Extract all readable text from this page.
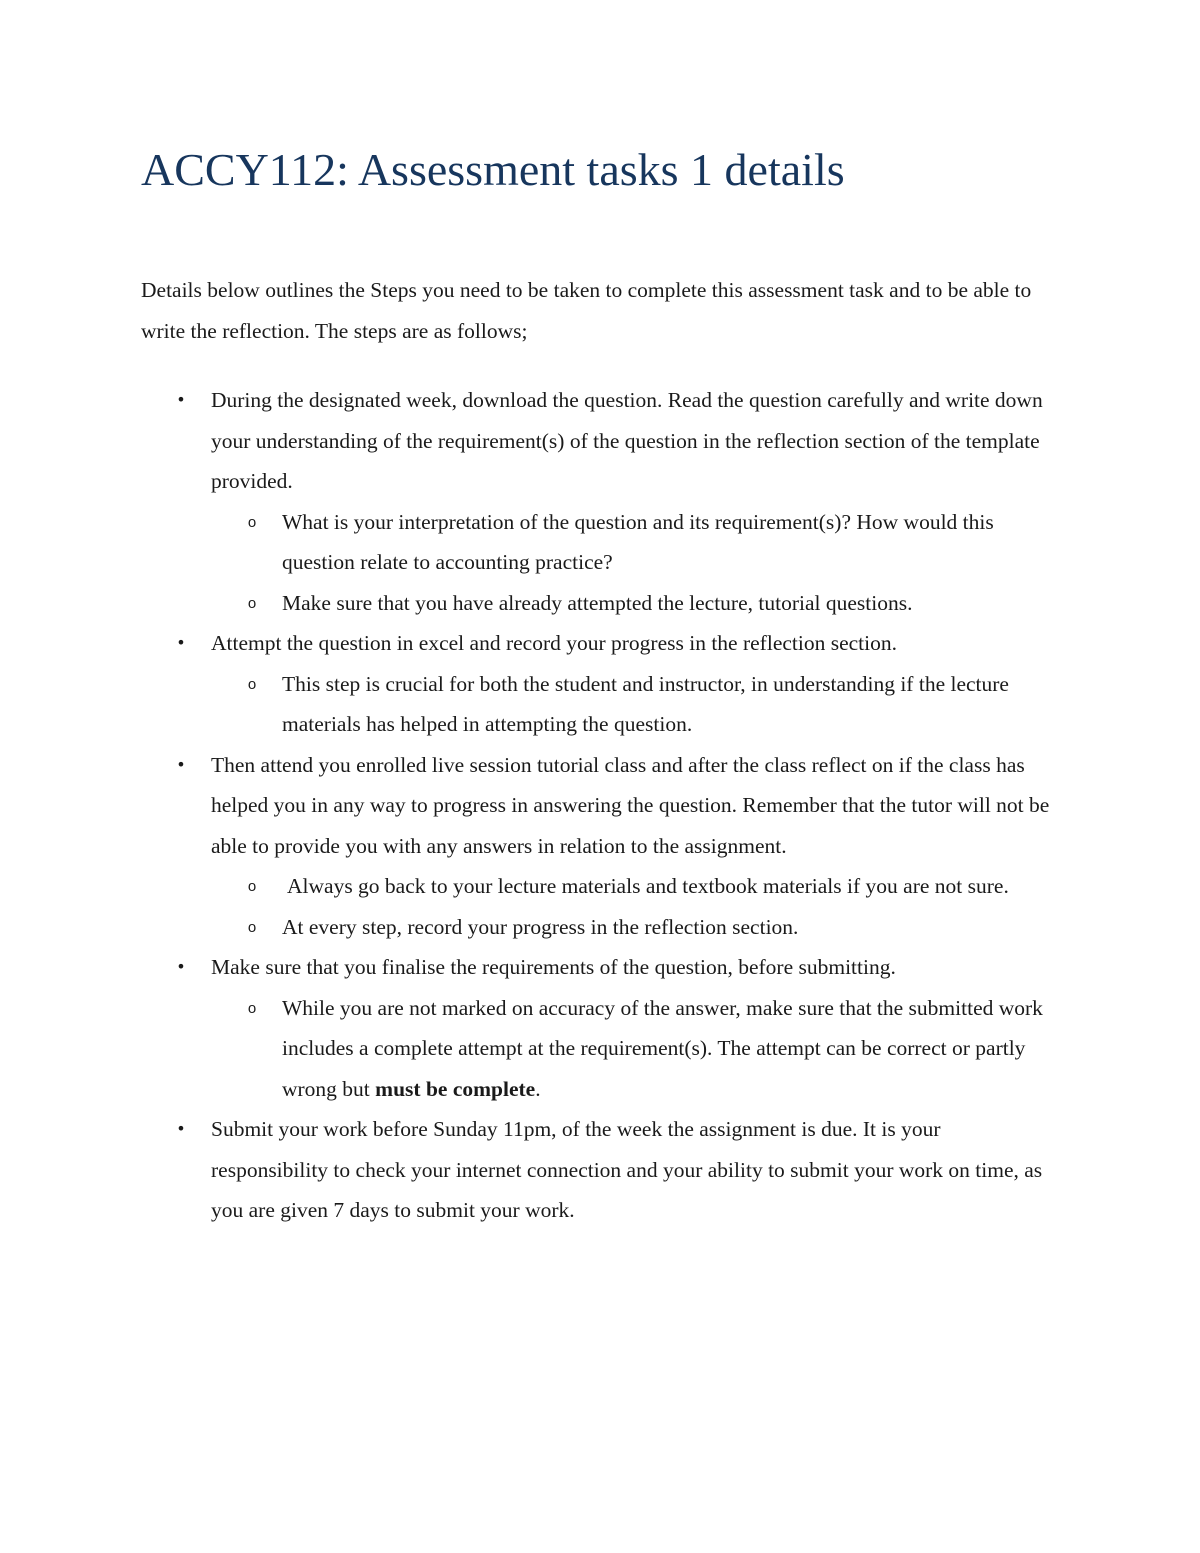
ACCY112: Assessment tasks 1 details

Details below outlines the Steps you need to be taken to complete this assessment task and to be able to write the reflection. The steps are as follows;

• During the designated week, download the question. Read the question carefully and write down your understanding of the requirement(s) of the question in the reflection section of the template provided.
o What is your interpretation of the question and its requirement(s)? How would this question relate to accounting practice?
o Make sure that you have already attempted the lecture, tutorial questions.
• Attempt the question in excel and record your progress in the reflection section.
o This step is crucial for both the student and instructor, in understanding if the lecture materials has helped in attempting the question.
• Then attend you enrolled live session tutorial class and after the class reflect on if the class has helped you in any way to progress in answering the question. Remember that the tutor will not be able to provide you with any answers in relation to the assignment.
o Always go back to your lecture materials and textbook materials if you are not sure.
o At every step, record your progress in the reflection section.
• Make sure that you finalise the requirements of the question, before submitting.
o While you are not marked on accuracy of the answer, make sure that the submitted work includes a complete attempt at the requirement(s). The attempt can be correct or partly wrong but must be complete.
• Submit your work before Sunday 11pm, of the week the assignment is due. It is your responsibility to check your internet connection and your ability to submit your work on time, as you are given 7 days to submit your work.
